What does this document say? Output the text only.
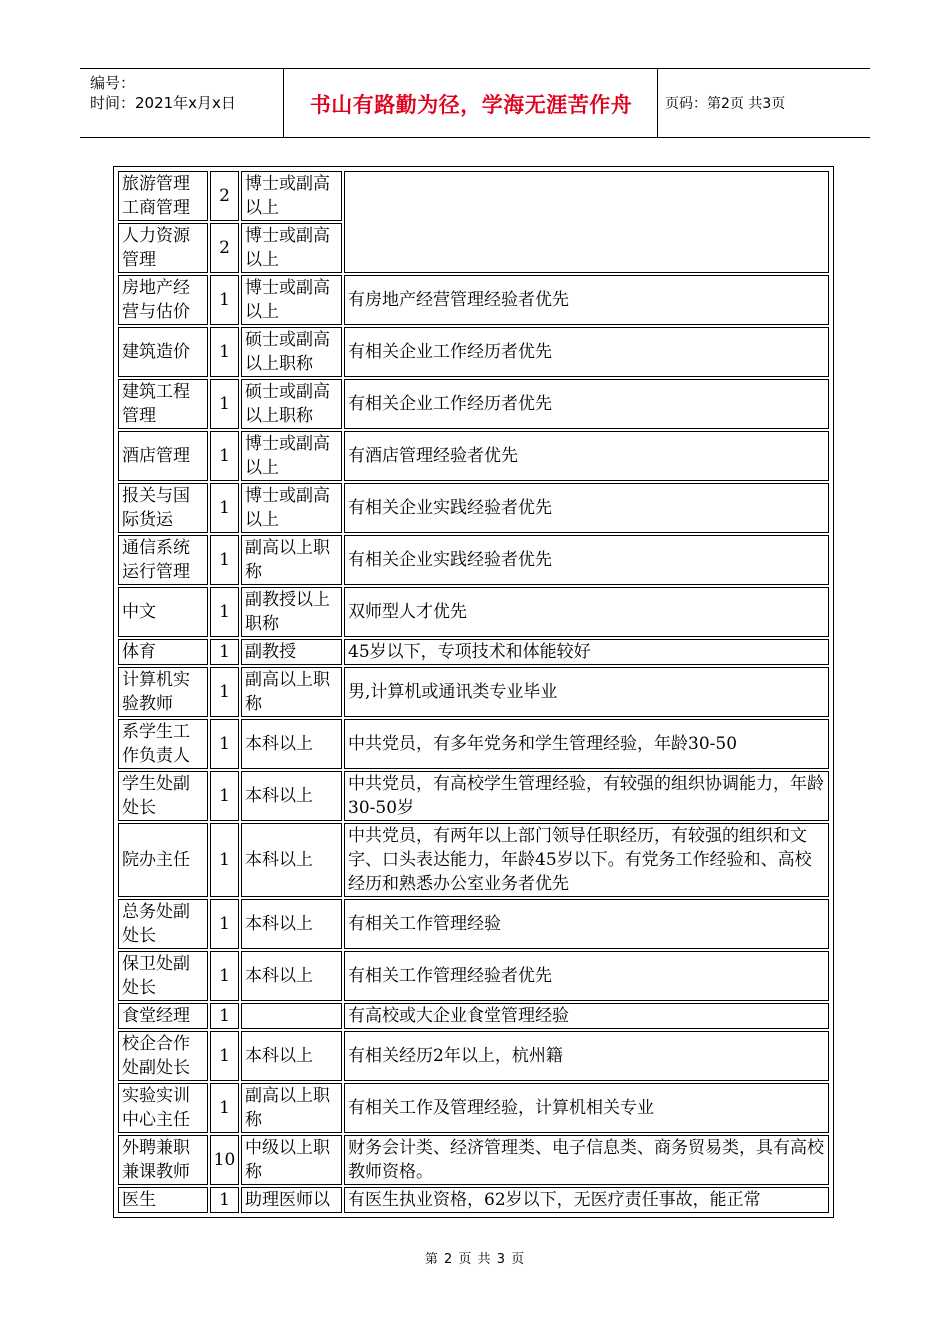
编号：
时间：2021年x月x日	书山有路勤为径，学海无涯苦作舟	页码：第2页 共3页
旅游管理工商管理	2	博士或副高以上	
人力资源管理	2	博士或副高以上	
房地产经营与估价	1	博士或副高以上	有房地产经营管理经验者优先
建筑造价	1	硕士或副高以上职称	有相关企业工作经历者优先
建筑工程管理	1	硕士或副高以上职称	有相关企业工作经历者优先
酒店管理	1	博士或副高以上	有酒店管理经验者优先
报关与国际货运	1	博士或副高以上	有相关企业实践经验者优先
通信系统运行管理	1	副高以上职称	有相关企业实践经验者优先
中文	1	副教授以上职称	双师型人才优先
体育	1	副教授	45岁以下，专项技术和体能较好
计算机实验教师	1	副高以上职称	男,计算机或通讯类专业毕业
系学生工作负责人	1	本科以上	中共党员，有多年党务和学生管理经验，年龄30-50
学生处副处长	1	本科以上	中共党员，有高校学生管理经验，有较强的组织协调能力，年龄30-50岁
院办主任	1	本科以上	中共党员，有两年以上部门领导任职经历，有较强的组织和文字、口头表达能力，年龄45岁以下。有党务工作经验和、高校经历和熟悉办公室业务者优先
总务处副处长	1	本科以上	有相关工作管理经验
保卫处副处长	1	本科以上	有相关工作管理经验者优先
食堂经理	1		有高校或大企业食堂管理经验
校企合作处副处长	1	本科以上	有相关经历2年以上，杭州籍
实验实训中心主任	1	副高以上职称	有相关工作及管理经验，计算机相关专业
外聘兼职兼课教师	10	中级以上职称	财务会计类、经济管理类、电子信息类、商务贸易类，具有高校教师资格。
医生	1	助理医师以	有医生执业资格，62岁以下，无医疗责任事故，能正常
第 2 页 共 3 页
